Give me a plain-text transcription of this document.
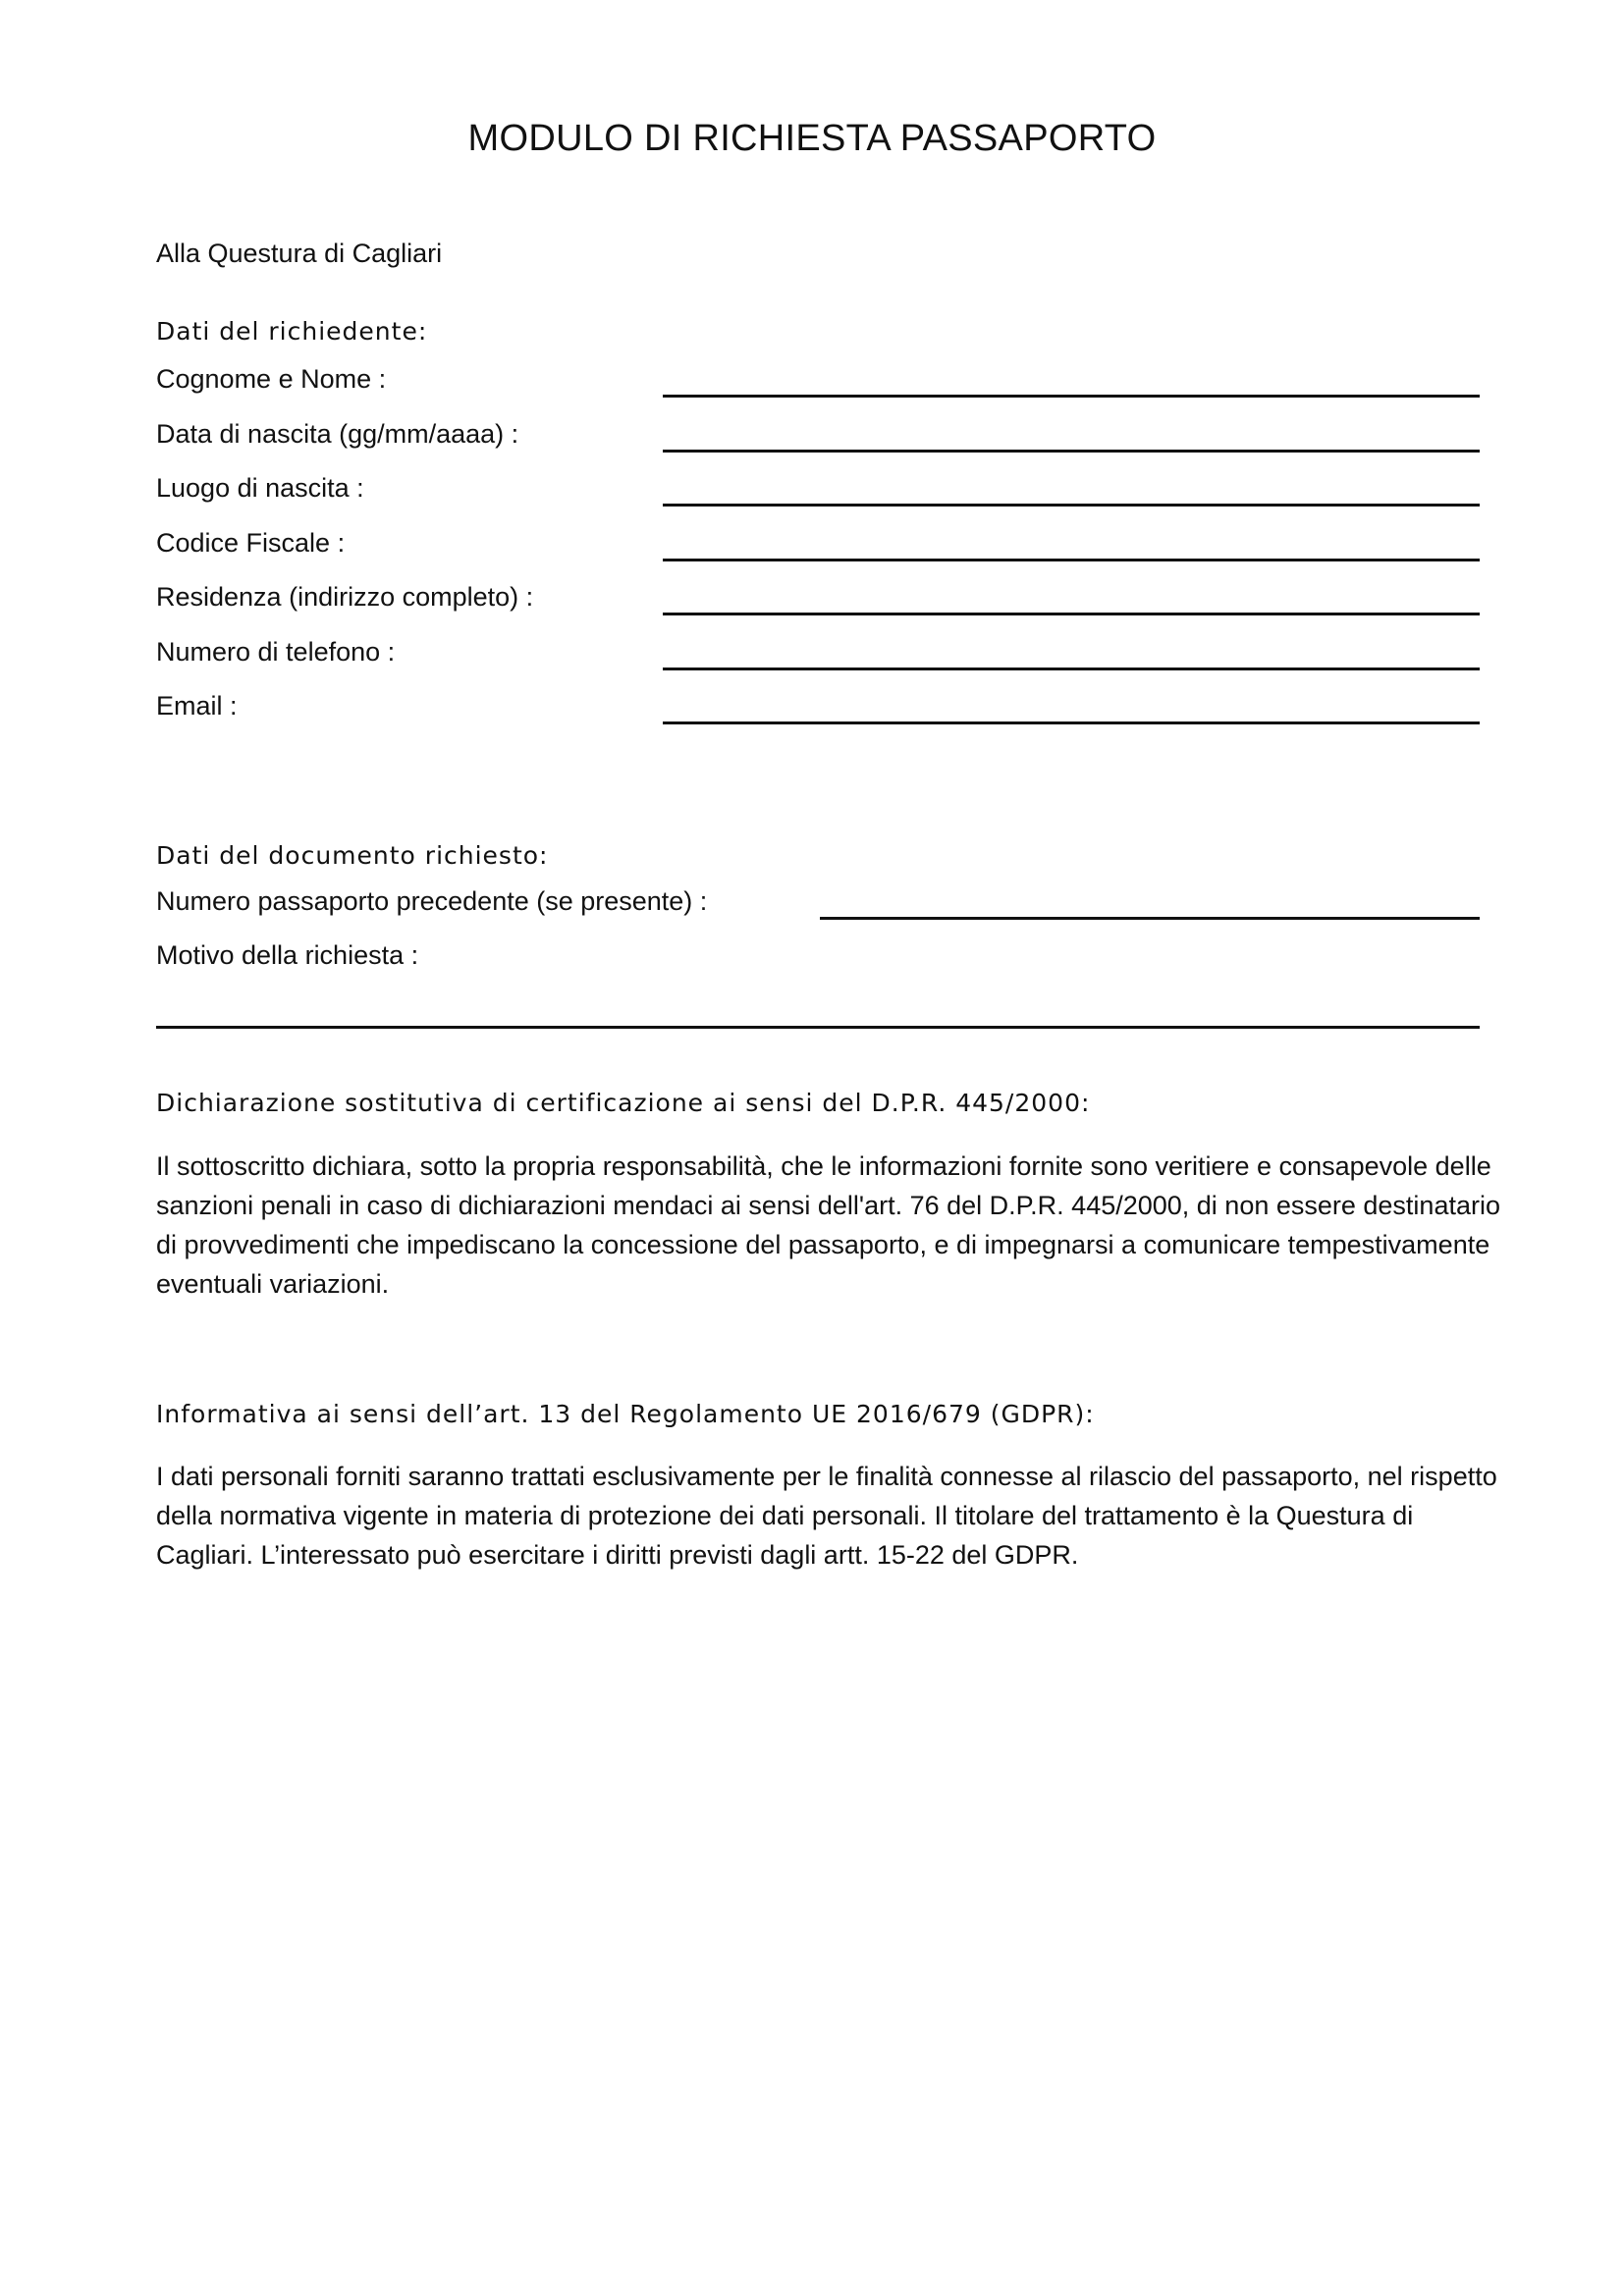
MODULO DI RICHIESTA PASSAPORTO
Alla Questura di Cagliari
Dati del richiedente:
Cognome e Nome :
Data di nascita (gg/mm/aaaa) :
Luogo di nascita :
Codice Fiscale :
Residenza (indirizzo completo) :
Numero di telefono :
Email :
Dati del documento richiesto:
Numero passaporto precedente (se presente) :
Motivo della richiesta :
Dichiarazione sostitutiva di certificazione ai sensi del D.P.R. 445/2000:
Il sottoscritto dichiara, sotto la propria responsabilità, che le informazioni fornite sono veritiere e consapevole delle sanzioni penali in caso di dichiarazioni mendaci ai sensi dell'art. 76 del D.P.R. 445/2000, di non essere destinatario di provvedimenti che impediscano la concessione del passaporto, e di impegnarsi a comunicare tempestivamente eventuali variazioni.
Informativa ai sensi dell’art. 13 del Regolamento UE 2016/679 (GDPR):
I dati personali forniti saranno trattati esclusivamente per le finalità connesse al rilascio del passaporto, nel rispetto della normativa vigente in materia di protezione dei dati personali. Il titolare del trattamento è la Questura di Cagliari. L’interessato può esercitare i diritti previsti dagli artt. 15-22 del GDPR.
